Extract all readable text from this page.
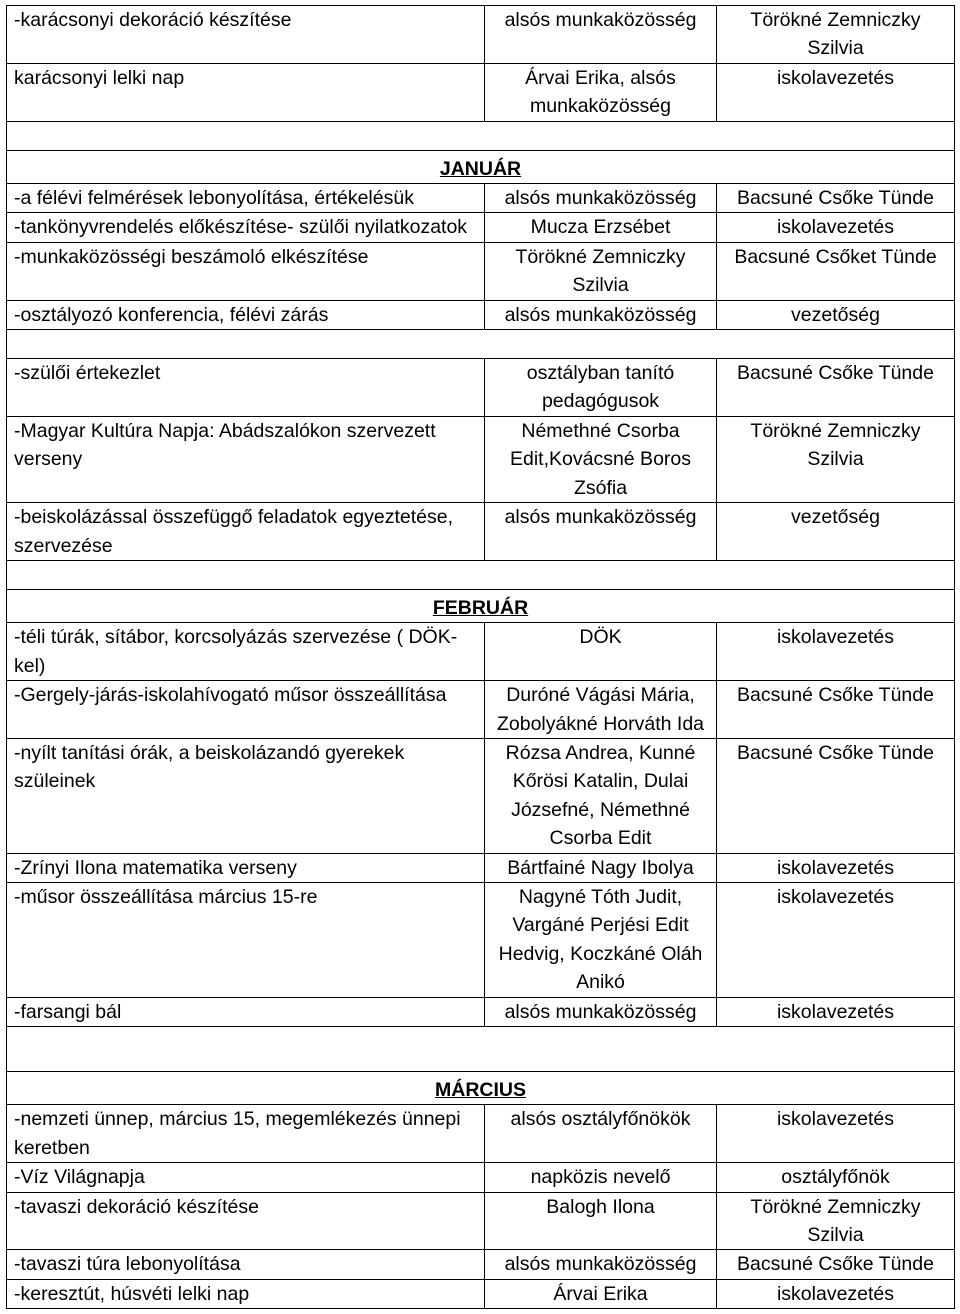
-karácsonyi dekoráció készítése	alsós munkaközösség	Törökné Zemniczky Szilvia
karácsonyi lelki nap	Árvai Erika, alsós munkaközösség	iskolavezetés

JANUÁR		
-a félévi felmérések lebonyolítása, értékelésük	alsós munkaközösség	Bacsuné Csőke Tünde
-tankönyvrendelés előkészítése- szülői nyilatkozatok	Mucza Erzsébet	iskolavezetés
-munkaközösségi beszámoló elkészítése	Törökné Zemniczky Szilvia	Bacsuné Csőket Tünde
-osztályozó konferencia, félévi zárás	alsós munkaközösség	vezetőség

-szülői értekezlet	osztályban tanító pedagógusok	Bacsuné Csőke Tünde
-Magyar Kultúra Napja: Abádszalókon szervezett verseny	Némethné Csorba Edit,Kovácsné Boros Zsófia	Törökné Zemniczky Szilvia
-beiskolázással összefüggő feladatok egyeztetése, szervezése	alsós munkaközösség	vezetőség

FEBRUÁR		
-téli túrák, sítábor, korcsolyázás szervezése ( DÖK-kel)	DÖK	iskolavezetés
-Gergely-járás-iskolahívogató műsor összeállítása	Duróné Vágási Mária, Zobolyákné Horváth Ida	Bacsuné Csőke Tünde
-nyílt tanítási órák, a beiskolázandó gyerekek szüleinek	Rózsa Andrea, Kunné Kőrösi Katalin, Dulai Józsefné, Némethné Csorba Edit	Bacsuné Csőke Tünde
-Zrínyi Ilona matematika verseny	Bártfainé Nagy Ibolya	iskolavezetés
-műsor összeállítása március 15-re	Nagyné Tóth Judit, Vargáné Perjési Edit Hedvig, Koczkáné Oláh Anikó	iskolavezetés
-farsangi bál	alsós munkaközösség	iskolavezetés

MÁRCIUS		
-nemzeti ünnep, március 15, megemlékezés ünnepi keretben	alsós osztályfőnökök	iskolavezetés
-Víz Világnapja	napközis nevelő	osztályfőnök
-tavaszi dekoráció készítése	Balogh Ilona	Törökné Zemniczky Szilvia
-tavaszi túra lebonyolítása	alsós munkaközösség	Bacsuné Csőke Tünde
-keresztút, húsvéti lelki nap	Árvai Erika	iskolavezetés
